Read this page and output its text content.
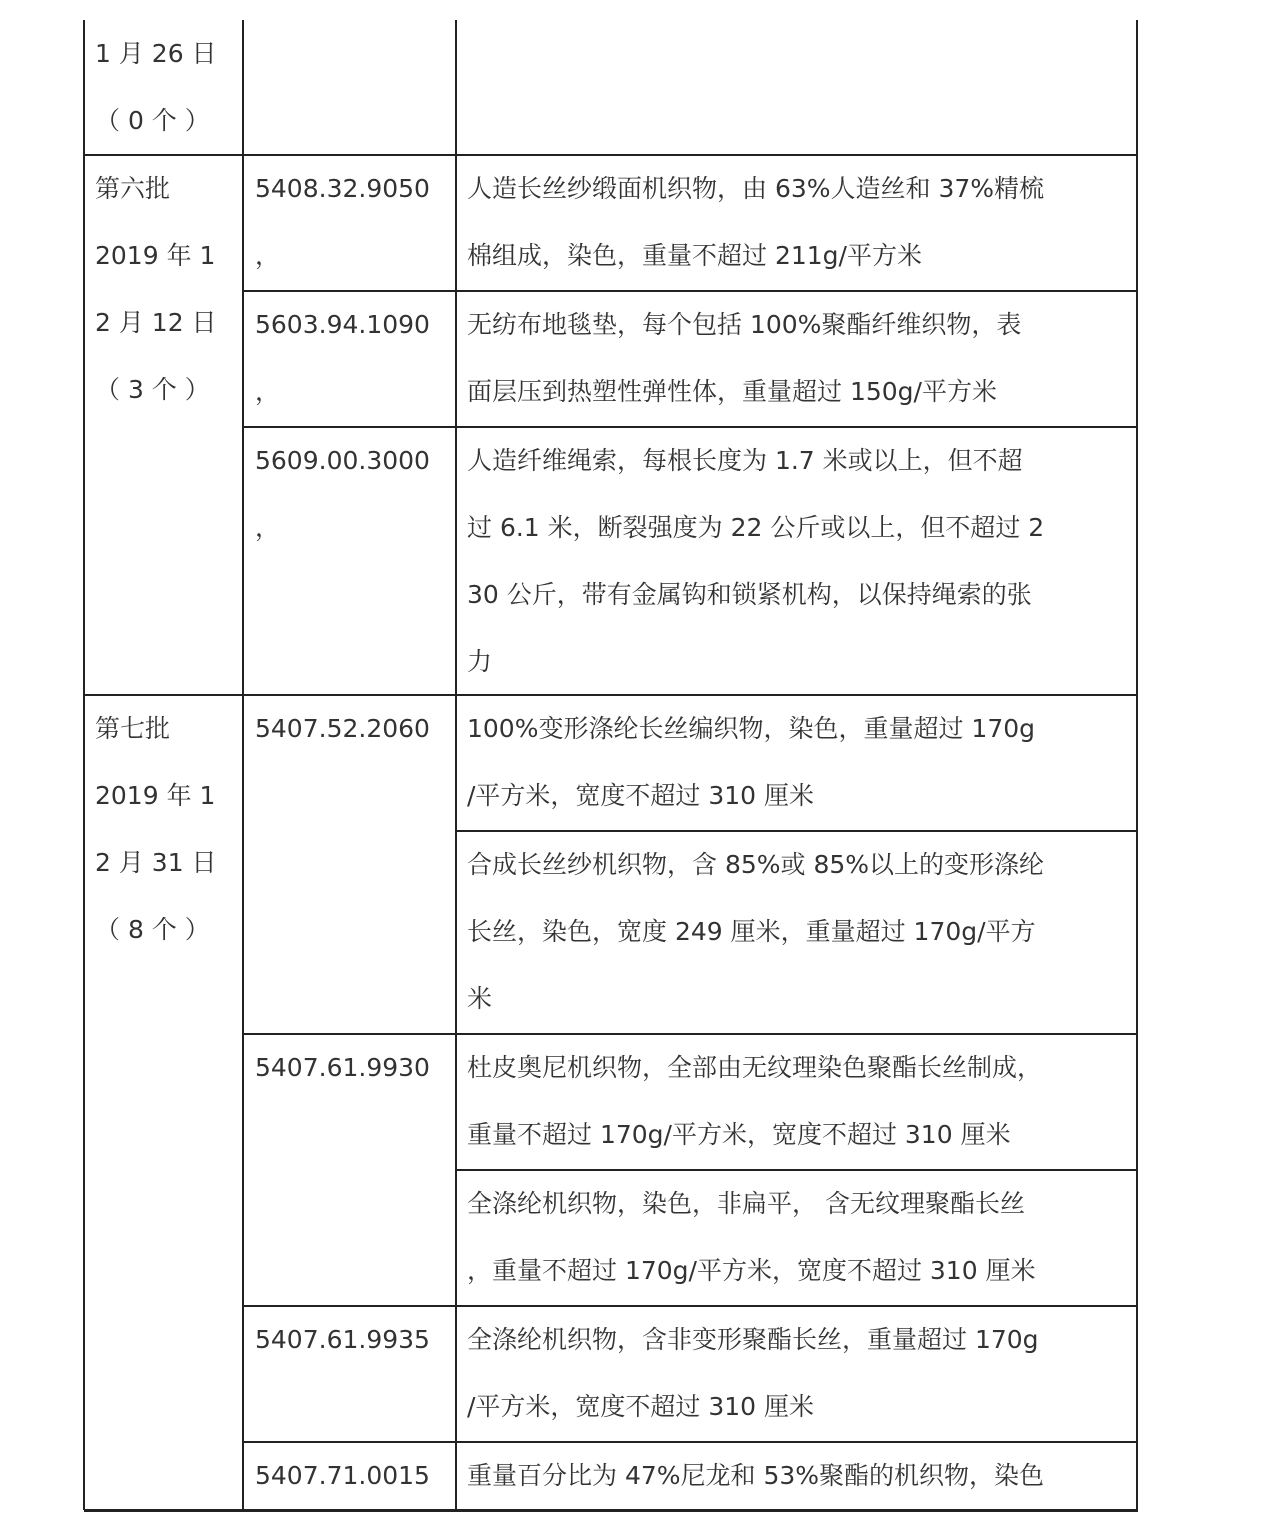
1 月 26 日
（ 0 个 ）
第六批
2019 年 1
2 月 12 日
（ 3 个 ）
第七批
2019 年 1
2 月 31 日
（ 8 个 ）
5408.32.9050
，
5603.94.1090
，
5609.00.3000
，
5407.52.2060
5407.61.9930
5407.61.9935
5407.71.0015
人造长丝纱缎面机织物，由 63%人造丝和 37%精梳
棉组成，染色，重量不超过 211g/平方米
无纺布地毯垫，每个包括 100%聚酯纤维织物，表
面层压到热塑性弹性体，重量超过 150g/平方米
人造纤维绳索，每根长度为 1.7 米或以上，但不超
过 6.1 米，断裂强度为 22 公斤或以上，但不超过 2
30 公斤，带有金属钩和锁紧机构，以保持绳索的张
力
100%变形涤纶长丝编织物，染色，重量超过 170g
/平方米，宽度不超过 310 厘米
合成长丝纱机织物，含 85%或 85%以上的变形涤纶
长丝，染色，宽度 249 厘米，重量超过 170g/平方
米
杜皮奥尼机织物，全部由无纹理染色聚酯长丝制成，
重量不超过 170g/平方米，宽度不超过 310 厘米
全涤纶机织物，染色，非扁平， 含无纹理聚酯长丝
，重量不超过 170g/平方米，宽度不超过 310 厘米
全涤纶机织物，含非变形聚酯长丝，重量超过 170g
/平方米，宽度不超过 310 厘米
重量百分比为 47%尼龙和 53%聚酯的机织物，染色
